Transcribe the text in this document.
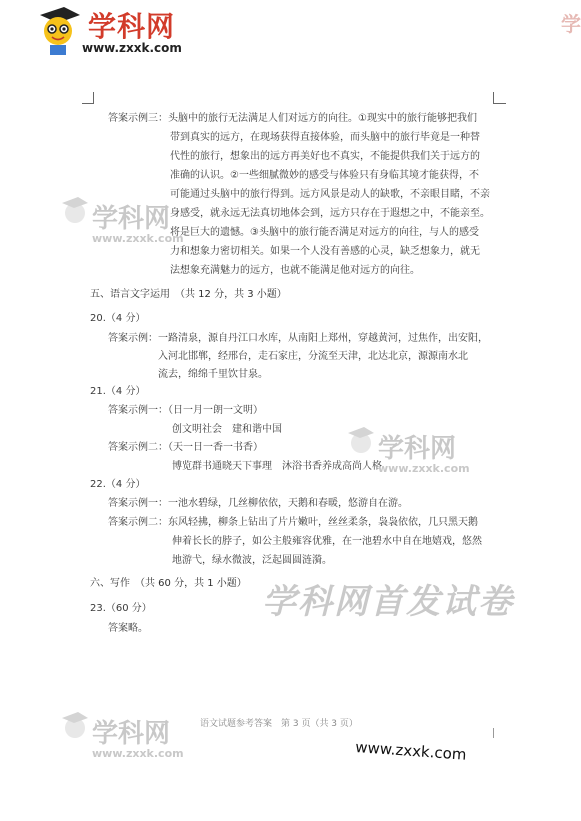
学科网
www.zxxk.com
学
答案示例三：头脑中的旅行无法满足人们对远方的向往。①现实中的旅行能够把我们
带到真实的远方，在现场获得直接体验，而头脑中的旅行毕竟是一种替
代性的旅行，想象出的远方再美好也不真实，不能提供我们关于远方的
准确的认识。②一些细腻微妙的感受与体验只有身临其境才能获得，不
可能通过头脑中的旅行得到。远方风景是动人的缺歌，不亲眼目睹，不亲
身感受，就永远无法真切地体会到，远方只存在于遐想之中，不能亲至。
将是巨大的遗憾。③头脑中的旅行能否满足对远方的向往，与人的感受
力和想象力密切相关。如果一个人没有善感的心灵，缺乏想象力，就无
法想象充满魅力的远方，也就不能满足他对远方的向往。
五、语言文字运用　（共 12 分，共 3 小题）
20.（4 分）
答案示例：一路清泉，源自丹江口水库，从南阳上郑州，穿越黄河，过焦作，出安阳，
入河北邯郸，经邢台，走石家庄，分流至天津，北达北京，源源南水北
流去，绵绵千里饮甘泉。
21.（4 分）
答案示例一：（日一月一朗一文明）
创文明社会　建和谐中国
答案示例二：（天一日一香一书香）
博览群书通晓天下事理　沐浴书香养成高尚人格
22.（4 分）
答案示例一：一池水碧绿，几丝柳依依，天鹅和春暖，悠游自在游。
答案示例二：东风轻拂，柳条上钻出了片片嫩叶，丝丝柔条，袅袅依依，几只黑天鹅
伸着长长的脖子，如公主般雍容优雅，在一池碧水中自在地嬉戏，悠然
地游弋，绿水微波，泛起圆圆涟漪。
六、写作　（共 60 分，共 1 小题）
23.（60 分）
答案略。
学科网
www.zxxk.com
学科网
www.zxxk.com
学科网
www.zxxk.com
学科网首发试卷
语文试题参考答案　第 3 页（共 3 页）
www.zxxk.com
